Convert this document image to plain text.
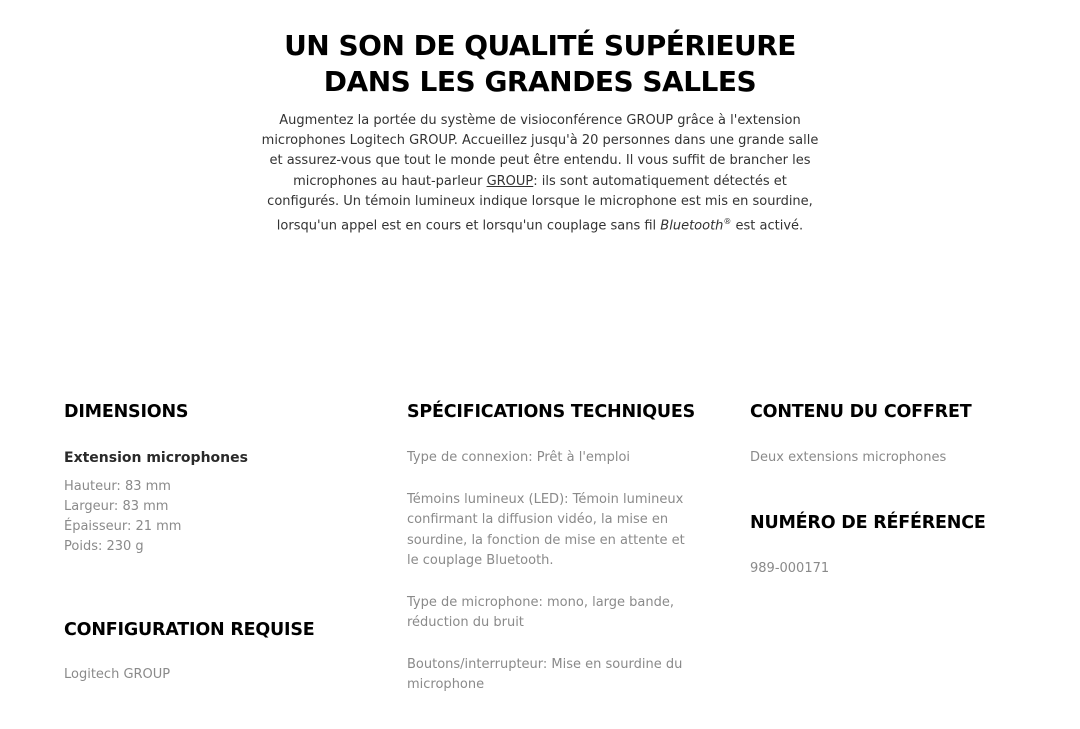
UN SON DE QUALITÉ SUPÉRIEURE
DANS LES GRANDES SALLES

Augmentez la portée du système de visioconférence GROUP grâce à l'extension microphones Logitech GROUP. Accueillez jusqu'à 20 personnes dans une grande salle et assurez-vous que tout le monde peut être entendu. Il vous suffit de brancher les microphones au haut-parleur GROUP: ils sont automatiquement détectés et configurés. Un témoin lumineux indique lorsque le microphone est mis en sourdine, lorsqu'un appel est en cours et lorsqu'un couplage sans fil Bluetooth® est activé.

DIMENSIONS
Extension microphones
Hauteur: 83 mm
Largeur: 83 mm
Épaisseur: 21 mm
Poids: 230 g
CONFIGURATION REQUISE

Logitech GROUP

SPÉCIFICATIONS TECHNIQUES

Type de connexion: Prêt à l'emploi

Témoins lumineux (LED): Témoin lumineux confirmant la diffusion vidéo, la mise en sourdine, la fonction de mise en attente et le couplage Bluetooth.

Type de microphone: mono, large bande, réduction du bruit

Boutons/interrupteur: Mise en sourdine du microphone

CONTENU DU COFFRET

Deux extensions microphones

NUMÉRO DE RÉFÉRENCE

989-000171
